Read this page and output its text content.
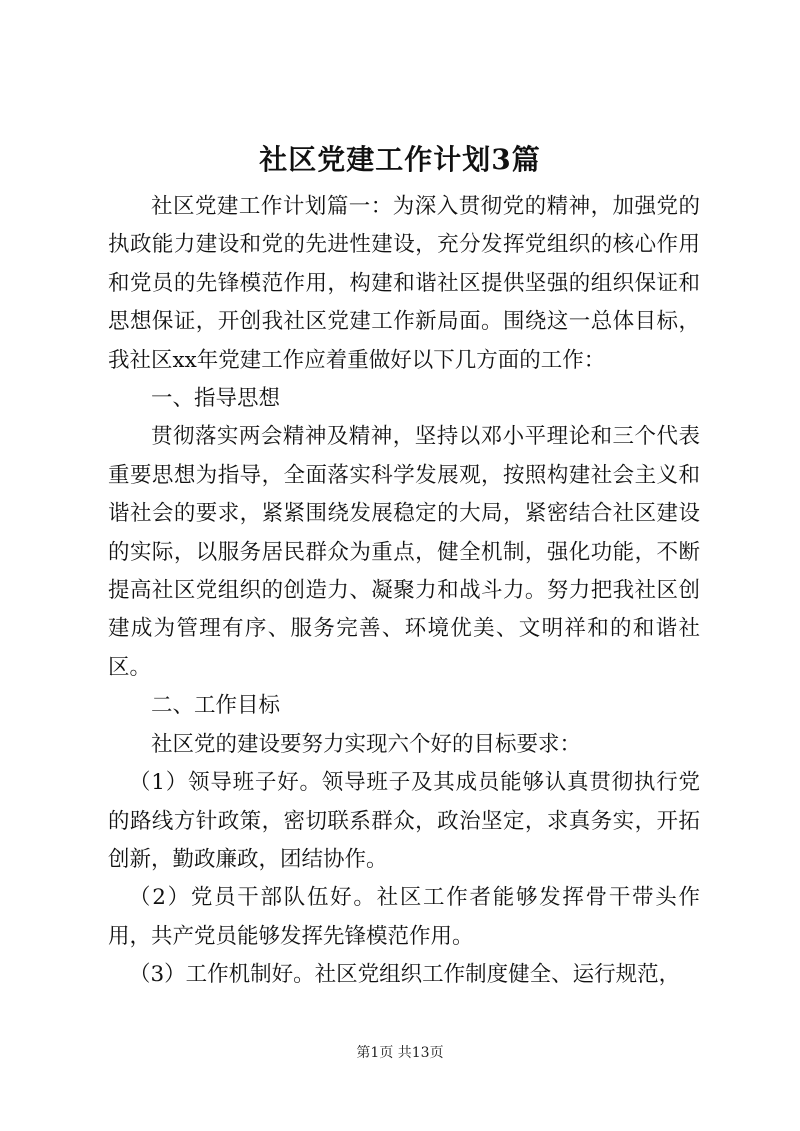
社区党建工作计划3篇

社区党建工作计划篇一：为深入贯彻党的精神，加强党的执政能力建设和党的先进性建设，充分发挥党组织的核心作用和党员的先锋模范作用，构建和谐社区提供坚强的组织保证和思想保证，开创我社区党建工作新局面。围绕这一总体目标，我社区xx年党建工作应着重做好以下几方面的工作：

一、指导思想

贯彻落实两会精神及精神，坚持以邓小平理论和三个代表重要思想为指导，全面落实科学发展观，按照构建社会主义和谐社会的要求，紧紧围绕发展稳定的大局，紧密结合社区建设的实际，以服务居民群众为重点，健全机制，强化功能，不断提高社区党组织的创造力、凝聚力和战斗力。努力把我社区创建成为管理有序、服务完善、环境优美、文明祥和的和谐社区。

二、工作目标

社区党的建设要努力实现六个好的目标要求：

（1）领导班子好。领导班子及其成员能够认真贯彻执行党的路线方针政策，密切联系群众，政治坚定，求真务实，开拓创新，勤政廉政，团结协作。

（2）党员干部队伍好。社区工作者能够发挥骨干带头作用，共产党员能够发挥先锋模范作用。

（3）工作机制好。社区党组织工作制度健全、运行规范，

第1页 共13页
